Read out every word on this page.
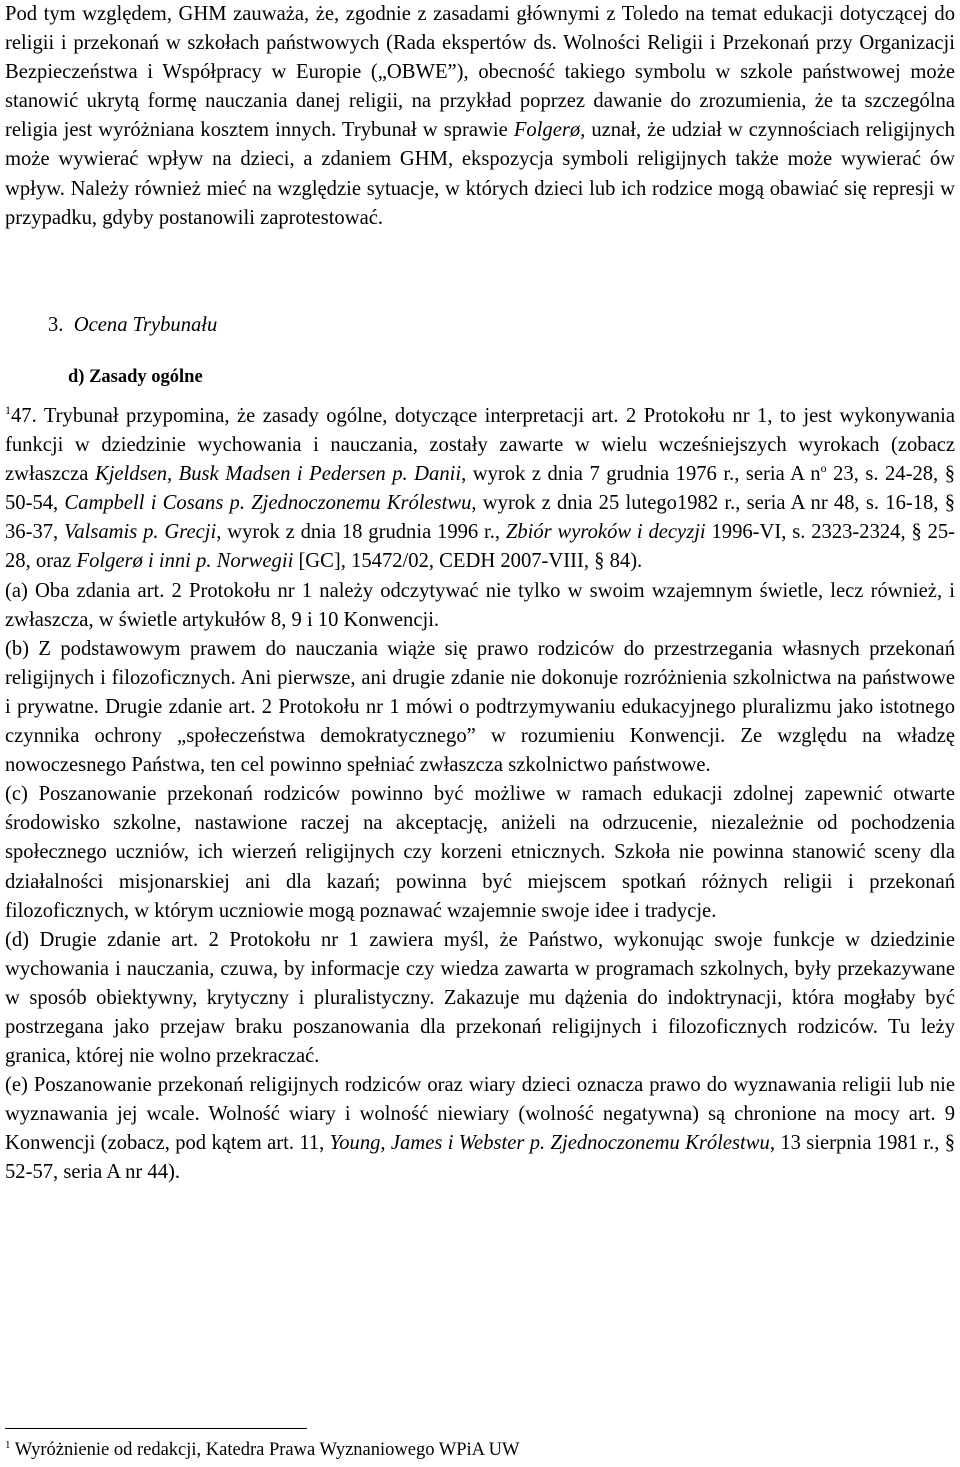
Pod tym względem, GHM zauważa, że, zgodnie z zasadami głównymi z Toledo na temat edukacji dotyczącej do religii i przekonań w szkołach państwowych (Rada ekspertów ds. Wolności Religii i Przekonań przy Organizacji Bezpieczeństwa i Współpracy w Europie („OBWE”), obecność takiego symbolu w szkole państwowej może stanowić ukrytą formę nauczania danej religii, na przykład poprzez dawanie do zrozumienia, że ta szczególna religia jest wyróżniana kosztem innych. Trybunał w sprawie Folgerø, uznał, że udział w czynnościach religijnych może wywierać wpływ na dzieci, a zdaniem GHM, ekspozycja symboli religijnych także może wywierać ów wpływ. Należy również mieć na względzie sytuacje, w których dzieci lub ich rodzice mogą obawiać się represji w przypadku, gdyby postanowili zaprotestować.

3. Ocena Trybunału

d) Zasady ogólne

$^1$47. Trybunał przypomina, że zasady ogólne, dotyczące interpretacji art. 2 Protokołu nr 1, to jest wykonywania funkcji w dziedzinie wychowania i nauczania, zostały zawarte w wielu wcześniejszych wyrokach (zobacz zwłaszcza Kjeldsen, Busk Madsen i Pedersen p. Danii, wyrok z dnia 7 grudnia 1976 r., seria A $n^o$ 23, s. 24-28, § 50-54, Campbell i Cosans p. Zjednoczonemu Królestwu, wyrok z dnia 25 lutego1982 r., seria A nr 48, s. 16-18, § 36-37, Valsamis p. Grecji, wyrok z dnia 18 grudnia 1996 r., Zbiór wyroków i decyzji 1996-VI, s. 2323-2324, § 25-28, oraz Folgerø i inni p. Norwegii [GC], 15472/02, CEDH 2007-VIII, § 84).
(a) Oba zdania art. 2 Protokołu nr 1 należy odczytywać nie tylko w swoim wzajemnym świetle, lecz również, i zwłaszcza, w świetle artykułów 8, 9 i 10 Konwencji.
(b) Z podstawowym prawem do nauczania wiąże się prawo rodziców do przestrzegania własnych przekonań religijnych i filozoficznych. Ani pierwsze, ani drugie zdanie nie dokonuje rozróżnienia szkolnictwa na państwowe i prywatne. Drugie zdanie art. 2 Protokołu nr 1 mówi o podtrzymywaniu edukacyjnego pluralizmu jako istotnego czynnika ochrony „społeczeństwa demokratycznego” w rozumieniu Konwencji. Ze względu na władzę nowoczesnego Państwa, ten cel powinno spełniać zwłaszcza szkolnictwo państwowe.
(c) Poszanowanie przekonań rodziców powinno być możliwe w ramach edukacji zdolnej zapewnić otwarte środowisko szkolne, nastawione raczej na akceptację, aniżeli na odrzucenie, niezależnie od pochodzenia społecznego uczniów, ich wierzeń religijnych czy korzeni etnicznych. Szkoła nie powinna stanowić sceny dla działalności misjonarskiej ani dla kazań; powinna być miejscem spotkań różnych religii i przekonań filozoficznych, w którym uczniowie mogą poznawać wzajemnie swoje idee i tradycje.
(d) Drugie zdanie art. 2 Protokołu nr 1 zawiera myśl, że Państwo, wykonując swoje funkcje w dziedzinie wychowania i nauczania, czuwa, by informacje czy wiedza zawarta w programach szkolnych, były przekazywane w sposób obiektywny, krytyczny i pluralistyczny. Zakazuje mu dążenia do indoktrynacji, która mogłaby być postrzegana jako przejaw braku poszanowania dla przekonań religijnych i filozoficznych rodziców. Tu leży granica, której nie wolno przekraczać.
(e) Poszanowanie przekonań religijnych rodziców oraz wiary dzieci oznacza prawo do wyznawania religii lub nie wyznawania jej wcale. Wolność wiary i wolność niewiary (wolność negatywna) są chronione na mocy art. 9 Konwencji (zobacz, pod kątem art. 11, Young, James i Webster p. Zjednoczonemu Królestwu, 13 sierpnia 1981 r., § 52-57, seria A nr 44).

$^1$ Wyróżnienie od redakcji, Katedra Prawa Wyznaniowego WPiA UW
